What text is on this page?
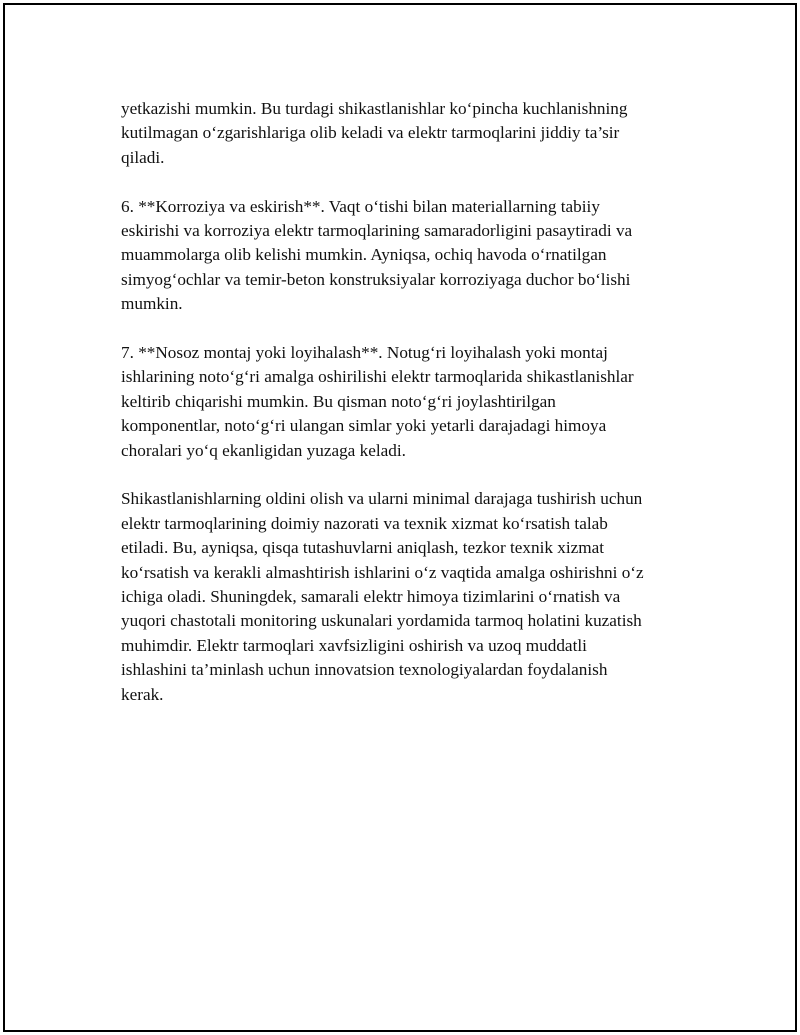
yetkazishi mumkin. Bu turdagi shikastlanishlar ko‘pincha kuchlanishning
kutilmagan o‘zgarishlariga olib keladi va elektr tarmoqlarini jiddiy ta’sir
qiladi.

6. **Korroziya va eskirish**. Vaqt o‘tishi bilan materiallarning tabiiy
eskirishi va korroziya elektr tarmoqlarining samaradorligini pasaytiradi va
muammolarga olib kelishi mumkin. Ayniqsa, ochiq havoda o‘rnatilgan
simyog‘ochlar va temir-beton konstruksiyalar korroziyaga duchor bo‘lishi
mumkin.

7. **Nosoz montaj yoki loyihalash**. Notug‘ri loyihalash yoki montaj
ishlarining noto‘g‘ri amalga oshirilishi elektr tarmoqlarida shikastlanishlar
keltirib chiqarishi mumkin. Bu qisman noto‘g‘ri joylashtirilgan
komponentlar, noto‘g‘ri ulangan simlar yoki yetarli darajadagi himoya
choralari yo‘q ekanligidan yuzaga keladi.

Shikastlanishlarning oldini olish va ularni minimal darajaga tushirish uchun
elektr tarmoqlarining doimiy nazorati va texnik xizmat ko‘rsatish talab
etiladi. Bu, ayniqsa, qisqa tutashuvlarni aniqlash, tezkor texnik xizmat
ko‘rsatish va kerakli almashtirish ishlarini o‘z vaqtida amalga oshirishni o‘z
ichiga oladi. Shuningdek, samarali elektr himoya tizimlarini o‘rnatish va
yuqori chastotali monitoring uskunalari yordamida tarmoq holatini kuzatish
muhimdir. Elektr tarmoqlari xavfsizligini oshirish va uzoq muddatli
ishlashini ta’minlash uchun innovatsion texnologiyalardan foydalanish
kerak.
